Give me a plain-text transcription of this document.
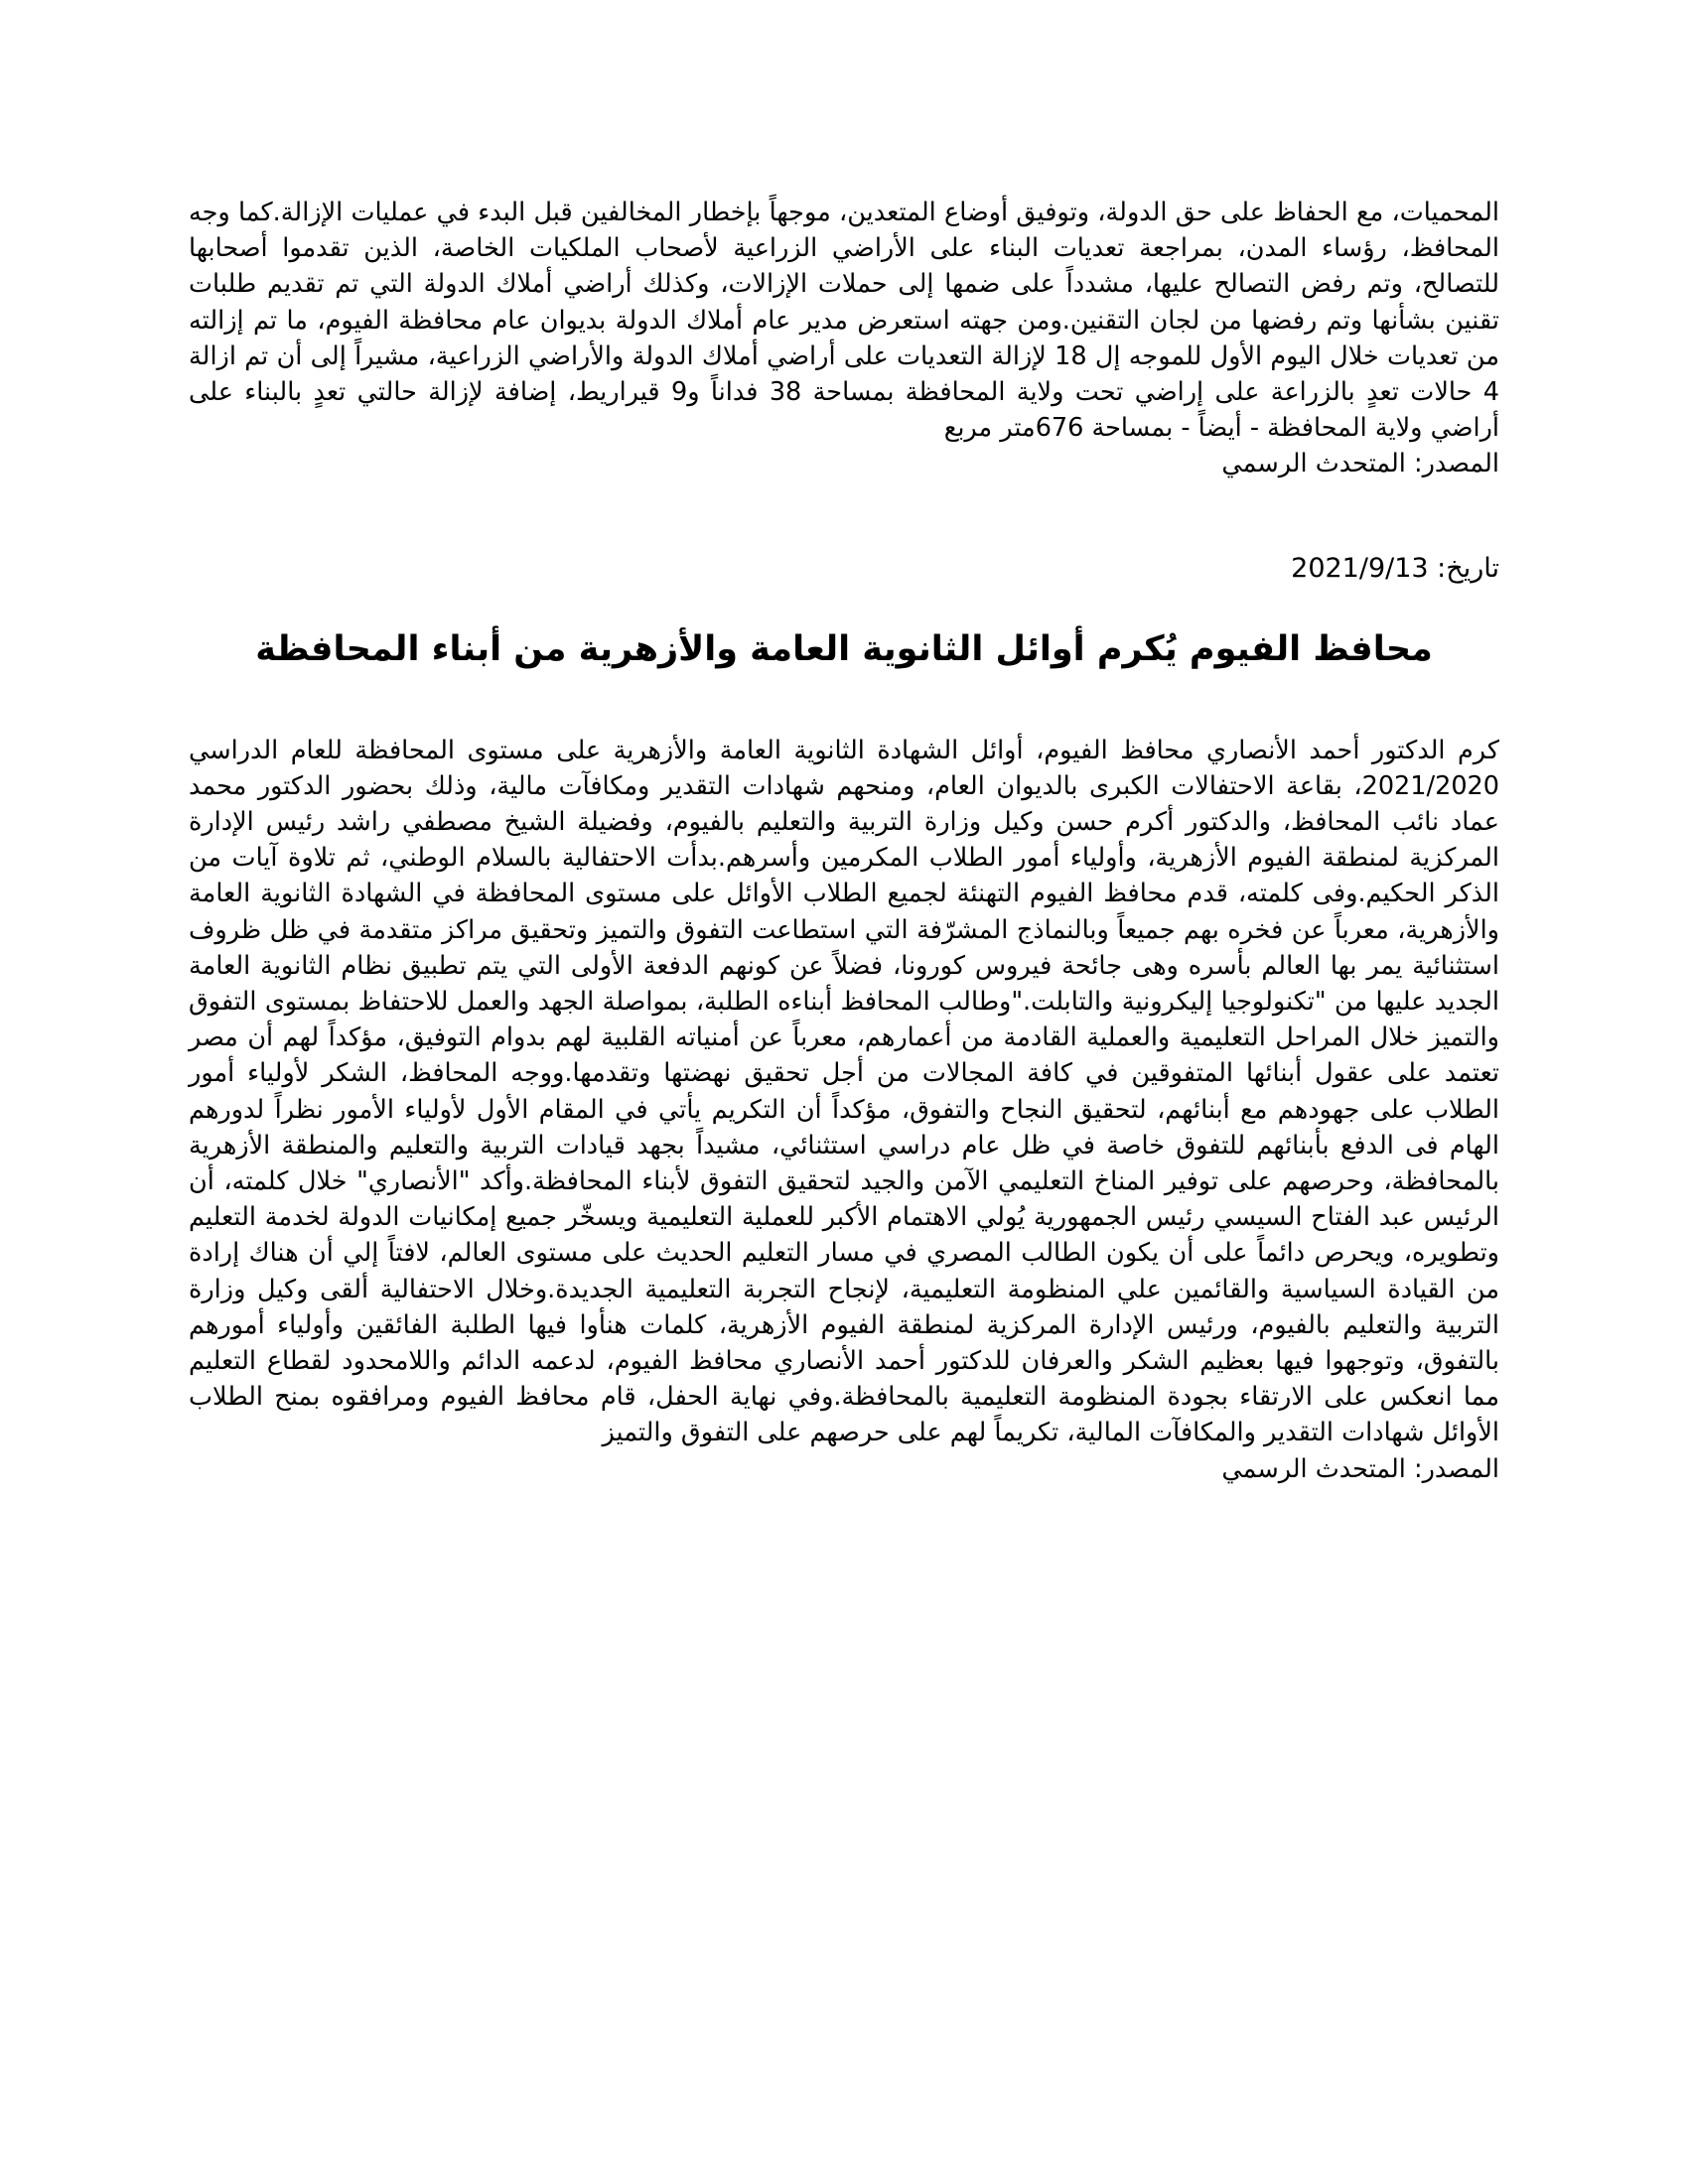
المحميات، مع الحفاظ على حق الدولة، وتوفيق أوضاع المتعدين، موجهاً بإخطار المخالفين قبل البدء في عمليات الإزالة.كما وجه المحافظ، رؤساء المدن، بمراجعة تعديات البناء على الأراضي الزراعية لأصحاب الملكيات الخاصة، الذين تقدموا أصحابها للتصالح، وتم رفض التصالح عليها، مشدداً على ضمها إلى حملات الإزالات، وكذلك أراضي أملاك الدولة التي تم تقديم طلبات تقنين بشأنها وتم رفضها من لجان التقنين.ومن جهته استعرض مدير عام أملاك الدولة بديوان عام محافظة الفيوم، ما تم إزالته من تعديات خلال اليوم الأول للموجه إل 18 لإزالة التعديات على أراضي أملاك الدولة والأراضي الزراعية، مشيراً إلى أن تم ازالة 4 حالات تعدٍ بالزراعة على إراضي تحت ولاية المحافظة بمساحة 38 فداناً و9 قيراريط، إضافة لإزالة حالتي تعدٍ بالبناء على أراضي ولاية المحافظة - أيضاً - بمساحة 676متر مربع

المصدر: المتحدث الرسمي

تاريخ: 2021/9/13

محافظ الفيوم يُكرم أوائل الثانوية العامة والأزهرية من أبناء المحافظة

كرم الدكتور أحمد الأنصاري محافظ الفيوم، أوائل الشهادة الثانوية العامة والأزهرية على مستوى المحافظة للعام الدراسي 2021/2020، بقاعة الاحتفالات الكبرى بالديوان العام، ومنحهم شهادات التقدير ومكافآت مالية، وذلك بحضور الدكتور محمد عماد نائب المحافظ، والدكتور أكرم حسن وكيل وزارة التربية والتعليم بالفيوم، وفضيلة الشيخ مصطفي راشد رئيس الإدارة المركزية لمنطقة الفيوم الأزهرية، وأولياء أمور الطلاب المكرمين وأسرهم.بدأت الاحتفالية بالسلام الوطني، ثم تلاوة آيات من الذكر الحكيم.وفى كلمته، قدم محافظ الفيوم التهنئة لجميع الطلاب الأوائل على مستوى المحافظة في الشهادة الثانوية العامة والأزهرية، معرباً عن فخره بهم جميعاً وبالنماذج المشرّفة التي استطاعت التفوق والتميز وتحقيق مراكز متقدمة في ظل ظروف استثنائية يمر بها العالم بأسره وهى جائحة فيروس كورونا، فضلاً عن كونهم الدفعة الأولى التي يتم تطبيق نظام الثانوية العامة الجديد عليها من "تكنولوجيا إليكرونية والتابلت."وطالب المحافظ أبناءه الطلبة، بمواصلة الجهد والعمل للاحتفاظ بمستوى التفوق والتميز خلال المراحل التعليمية والعملية القادمة من أعمارهم، معرباً عن أمنياته القلبية لهم بدوام التوفيق، مؤكداً لهم أن مصر تعتمد على عقول أبنائها المتفوقين في كافة المجالات من أجل تحقيق نهضتها وتقدمها.ووجه المحافظ، الشكر لأولياء أمور الطلاب على جهودهم مع أبنائهم، لتحقيق النجاح والتفوق، مؤكداً أن التكريم يأتي في المقام الأول لأولياء الأمور نظراً لدورهم الهام فى الدفع بأبنائهم للتفوق خاصة في ظل عام دراسي استثنائي، مشيداً بجهد قيادات التربية والتعليم والمنطقة الأزهرية بالمحافظة، وحرصهم على توفير المناخ التعليمي الآمن والجيد لتحقيق التفوق لأبناء المحافظة.وأكد "الأنصاري" خلال كلمته، أن الرئيس عبد الفتاح السيسي رئيس الجمهورية يُولي الاهتمام الأكبر للعملية التعليمية ويسخّر جميع إمكانيات الدولة لخدمة التعليم وتطويره، ويحرص دائماً على أن يكون الطالب المصري في مسار التعليم الحديث على مستوى العالم، لافتاً إلي أن هناك إرادة من القيادة السياسية والقائمين علي المنظومة التعليمية، لإنجاح التجربة التعليمية الجديدة.وخلال الاحتفالية ألقى وكيل وزارة التربية والتعليم بالفيوم، ورئيس الإدارة المركزية لمنطقة الفيوم الأزهرية، كلمات هنأوا فيها الطلبة الفائقين وأولياء أمورهم بالتفوق، وتوجهوا فيها بعظيم الشكر والعرفان للدكتور أحمد الأنصاري محافظ الفيوم، لدعمه الدائم واللامحدود لقطاع التعليم مما انعكس على الارتقاء بجودة المنظومة التعليمية بالمحافظة.وفي نهاية الحفل، قام محافظ الفيوم ومرافقوه بمنح الطلاب الأوائل شهادات التقدير والمكافآت المالية، تكريماً لهم على حرصهم على التفوق والتميز

المصدر: المتحدث الرسمي
